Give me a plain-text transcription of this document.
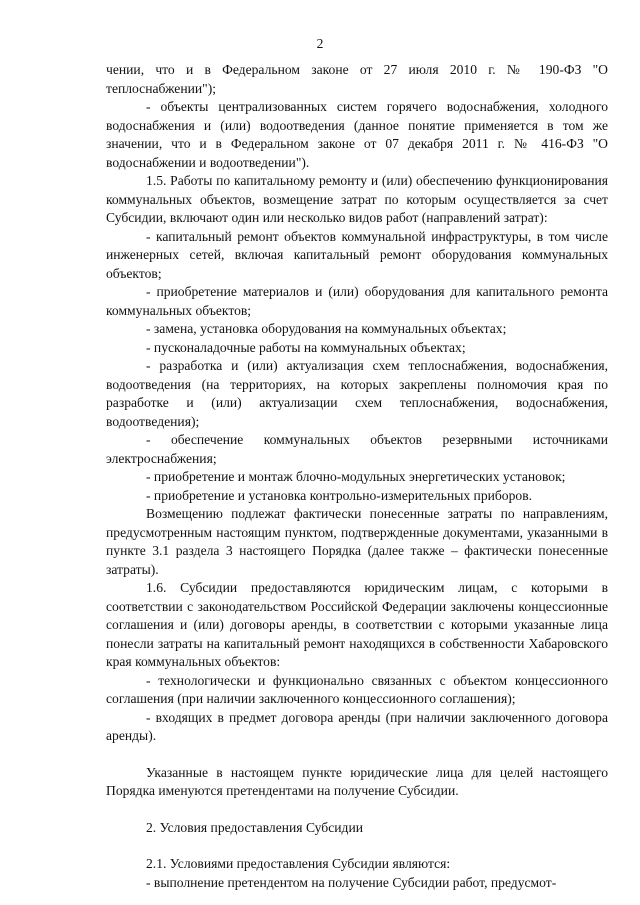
2

чении, что и в Федеральном законе от 27 июля 2010 г. № 190-ФЗ "О теплоснабжении");

- объекты централизованных систем горячего водоснабжения, холодного водоснабжения и (или) водоотведения (данное понятие применяется в том же значении, что и в Федеральном законе от 07 декабря 2011 г. № 416-ФЗ "О водоснабжении и водоотведении").

1.5. Работы по капитальному ремонту и (или) обеспечению функционирования коммунальных объектов, возмещение затрат по которым осуществляется за счет Субсидии, включают один или несколько видов работ (направлений затрат):

- капитальный ремонт объектов коммунальной инфраструктуры, в том числе инженерных сетей, включая капитальный ремонт оборудования коммунальных объектов;

- приобретение материалов и (или) оборудования для капитального ремонта коммунальных объектов;

- замена, установка оборудования на коммунальных объектах;

- пусконаладочные работы на коммунальных объектах;

- разработка и (или) актуализация схем теплоснабжения, водоснабжения, водоотведения (на территориях, на которых закреплены полномочия края по разработке и (или) актуализации схем теплоснабжения, водоснабжения, водоотведения);

- обеспечение коммунальных объектов резервными источниками электроснабжения;

- приобретение и монтаж блочно-модульных энергетических установок;

- приобретение и установка контрольно-измерительных приборов.

Возмещению подлежат фактически понесенные затраты по направлениям, предусмотренным настоящим пунктом, подтвержденные документами, указанными в пункте 3.1 раздела 3 настоящего Порядка (далее также – фактически понесенные затраты).

1.6. Субсидии предоставляются юридическим лицам, с которыми в соответствии с законодательством Российской Федерации заключены концессионные соглашения и (или) договоры аренды, в соответствии с которыми указанные лица понесли затраты на капитальный ремонт находящихся в собственности Хабаровского края коммунальных объектов:

- технологически и функционально связанных с объектом концессионного соглашения (при наличии заключенного концессионного соглашения);

- входящих в предмет договора аренды (при наличии заключенного договора аренды).

Указанные в настоящем пункте юридические лица для целей настоящего Порядка именуются претендентами на получение Субсидии.

2. Условия предоставления Субсидии

2.1. Условиями предоставления Субсидии являются:

- выполнение претендентом на получение Субсидии работ, предусмот-
